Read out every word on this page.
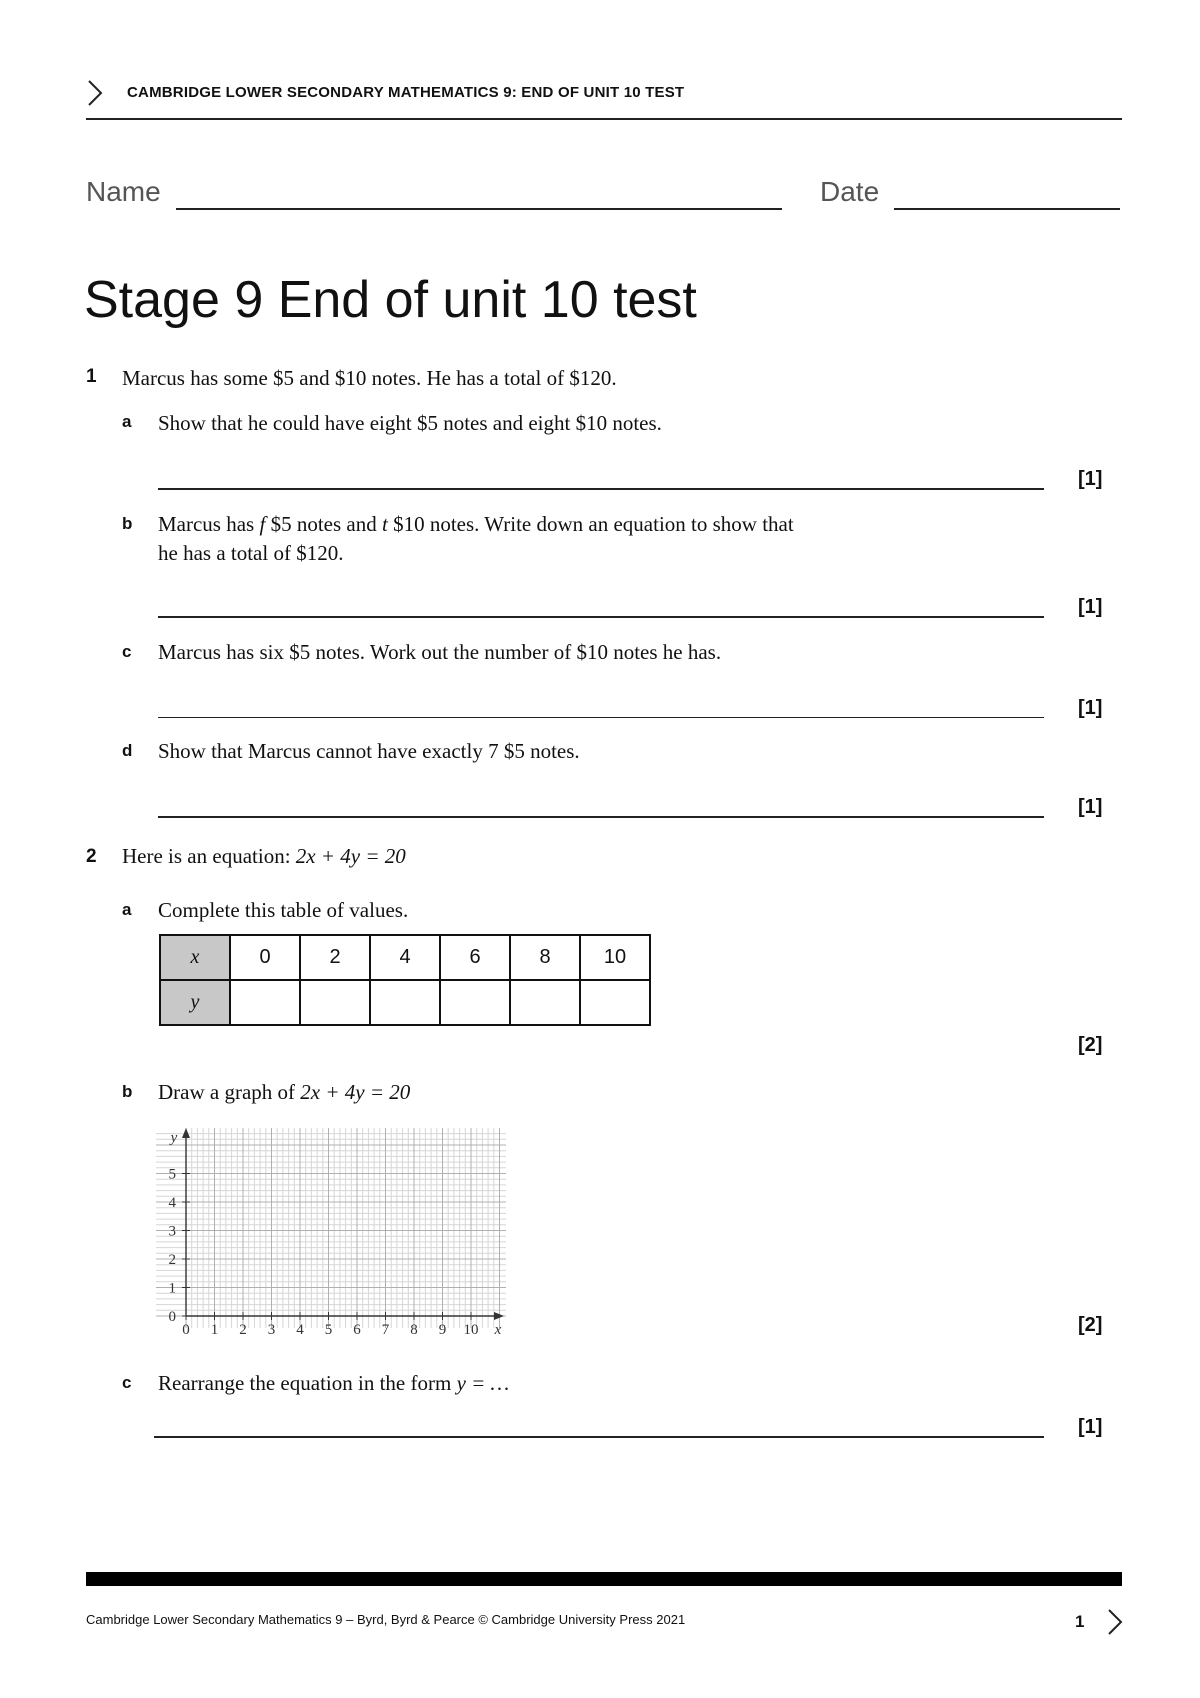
CAMBRIDGE LOWER SECONDARY MATHEMATICS 9: END OF UNIT 10 TEST
Name	Date
Stage 9 End of unit 10 test
1 Marcus has some $5 and $10 notes. He has a total of $120.
a Show that he could have eight $5 notes and eight $10 notes.
[1]
b Marcus has f $5 notes and t $10 notes. Write down an equation to show that
he has a total of $120.
[1]
c Marcus has six $5 notes. Work out the number of $10 notes he has.
[1]
d Show that Marcus cannot have exactly 7 $5 notes.
[1]
2 Here is an equation: 2x + 4y = 20
a Complete this table of values.
x	0	2	4	6	8	10
y						
[2]
b Draw a graph of 2x + 4y = 20
0 1 2 3 4 5 6 7 8 9 10
0
1
2
3
4
5
x
y
[2]
c Rearrange the equation in the form y = …
[1]
Cambridge Lower Secondary Mathematics 9 – Byrd, Byrd & Pearce © Cambridge University Press 2021	1
